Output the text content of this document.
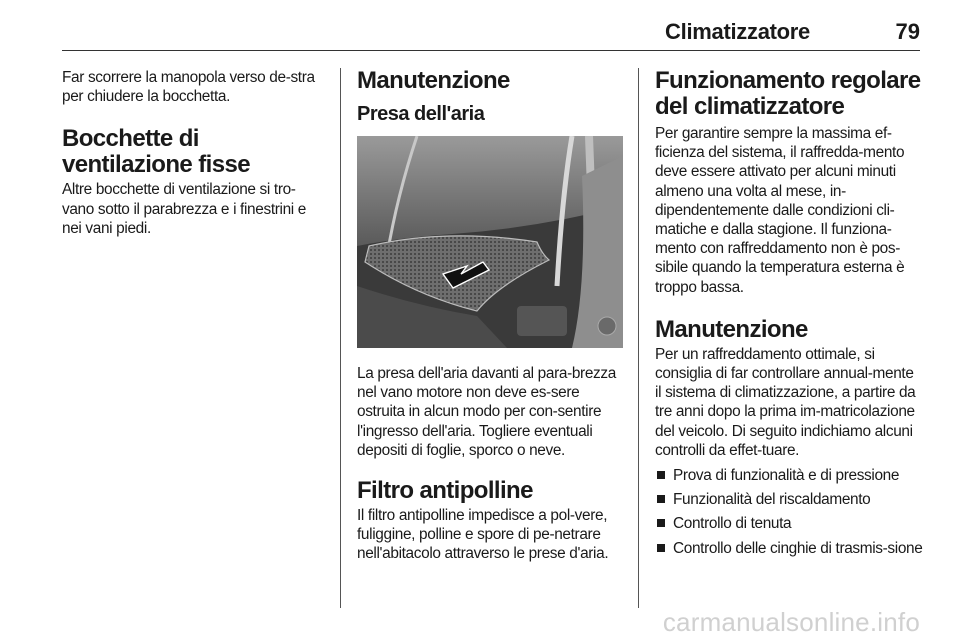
Climatizzatore	79

Far scorrere la manopola verso de-stra per chiudere la bocchetta.

Bocchette di ventilazione fisse

Altre bocchette di ventilazione si tro-vano sotto il parabrezza e i finestrini e nei vani piedi.

Manutenzione
Presa dell'aria

La presa dell'aria davanti al para-brezza nel vano motore non deve es-sere ostruita in alcun modo per con-sentire l'ingresso dell'aria. Togliere eventuali depositi di foglie, sporco o neve.

Filtro antipolline

Il filtro antipolline impedisce a pol-vere, fuliggine, polline e spore di pe-netrare nell'abitacolo attraverso le prese d'aria.

Funzionamento regolare del climatizzatore

Per garantire sempre la massima ef-ficienza del sistema, il raffredda-mento deve essere attivato per alcuni minuti almeno una volta al mese, in-dipendentemente dalle condizioni cli-matiche e dalla stagione. Il funziona-mento con raffreddamento non è pos-sibile quando la temperatura esterna è troppo bassa.

Manutenzione

Per un raffreddamento ottimale, si consiglia di far controllare annual-mente il sistema di climatizzazione, a partire da tre anni dopo la prima im-matricolazione del veicolo. Di seguito indichiamo alcuni controlli da effet-tuare.

Prova di funzionalità e di pressione
Funzionalità del riscaldamento
Controllo di tenuta
Controllo delle cinghie di trasmis-sione
carmanualsonline.info
